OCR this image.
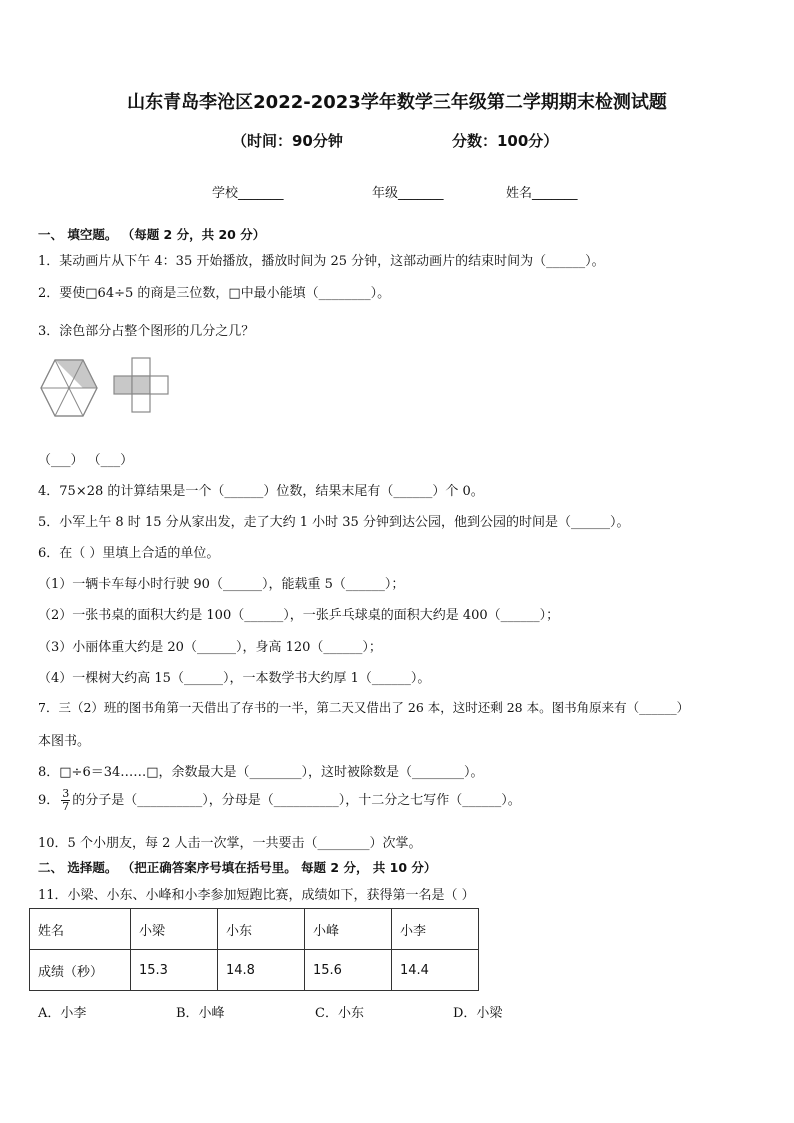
山东青岛李沧区2022-2023学年数学三年级第二学期期末检测试题
（时间：90分钟	分数：100分）
学校_______	年级_______	姓名_______
一、 填空题。 （每题 2 分，共 20 分）
1．某动画片从下午 4：35 开始播放，播放时间为 25 分钟，这部动画片的结束时间为（______）。
2．要使□64÷5 的商是三位数，□中最小能填（________）。
3．涂色部分占整个图形的几分之几？
（___） （___）
4．75×28 的计算结果是一个（______）位数，结果末尾有（______）个 0。
5．小军上午 8 时 15 分从家出发，走了大约 1 小时 35 分钟到达公园，他到公园的时间是（______）。
6．在（ ）里填上合适的单位。
（1）一辆卡车每小时行驶 90（______），能载重 5（______）；
（2）一张书桌的面积大约是 100（______），一张乒乓球桌的面积大约是 400（______）；
（3）小丽体重大约是 20（______），身高 120（______）；
（4）一棵树大约高 15（______），一本数学书大约厚 1（______）。
7．三（2）班的图书角第一天借出了存书的一半，第二天又借出了 26 本，这时还剩 28 本。图书角原来有（______）
本图书。
8．□÷6＝34……□，余数最大是（________），这时被除数是（________）。
9． $\frac{3}{7}$ 的分子是（__________），分母是（__________），十二分之七写作（______）。
10．5 个小朋友，每 2 人击一次掌，一共要击（________）次掌。
二、 选择题。 （把正确答案序号填在括号里。 每题 2 分， 共 10 分）
11．小梁、小东、小峰和小李参加短跑比赛，成绩如下，获得第一名是（ ）
姓名	小梁	小东	小峰	小李
成绩（秒）	15.3	14.8	15.6	14.4
A．小李	B．小峰	C．小东	D．小梁
